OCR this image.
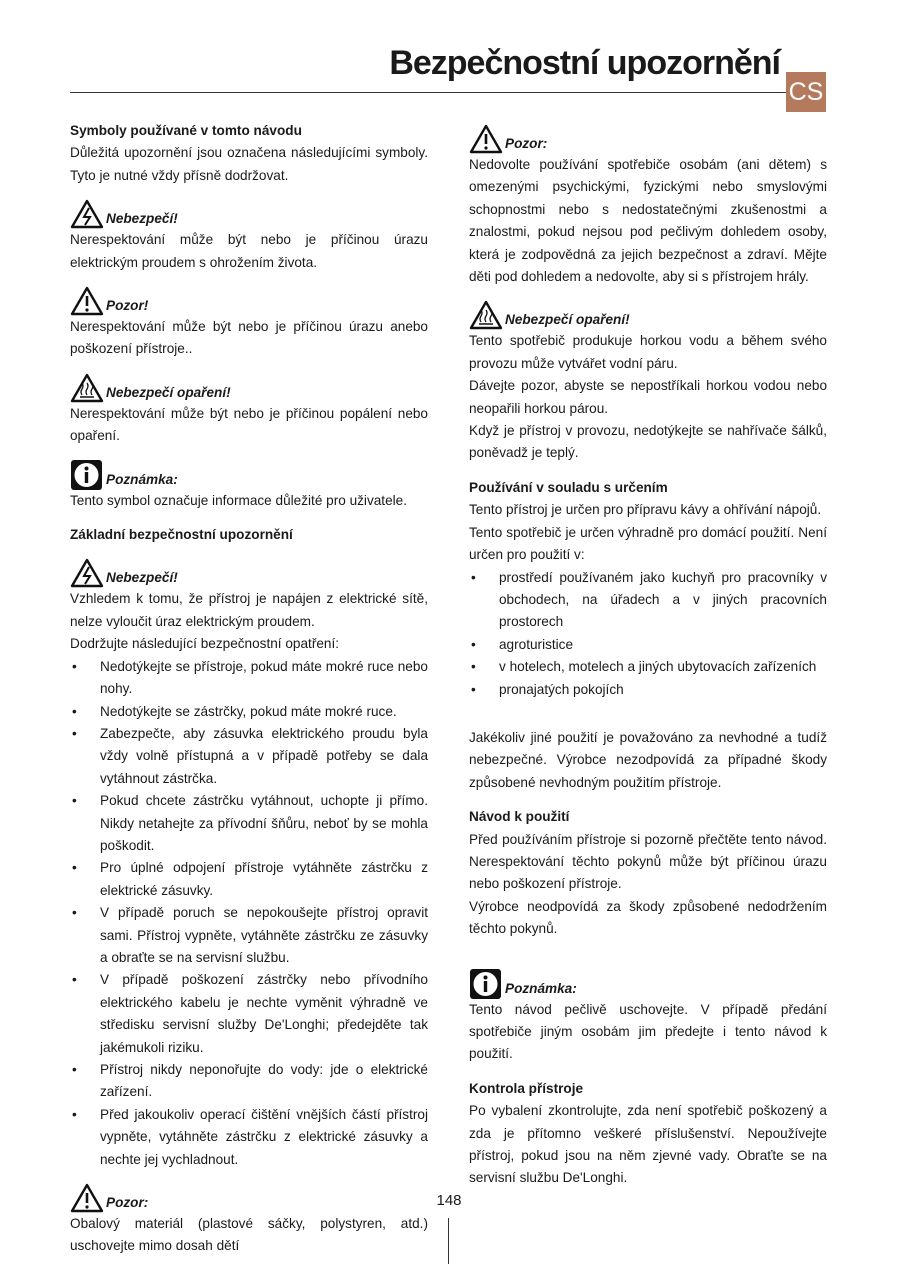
Bezpečnostní upozornění
CS

Symboly používané v tomto návodu

Důležitá upozornění jsou označena následujícími symboly. Tyto je nutné vždy přísně dodržovat.

Nebezpečí!

Nerespektování může být nebo je příčinou úrazu elektrickým proudem s ohrožením života.

Pozor!

Nerespektování může být nebo je příčinou úrazu anebo poškození přístroje..

Nebezpečí opaření!

Nerespektování může být nebo je příčinou popálení nebo opaření.

Poznámka:

Tento symbol označuje informace důležité pro uživatele.

Základní bezpečnostní upozornění

Nebezpečí!

Vzhledem k tomu, že přístroj je napájen z elektrické sítě, nelze vyloučit úraz elektrickým proudem.

Dodržujte následující bezpečnostní opatření:

• Nedotýkejte se přístroje, pokud máte mokré ruce nebo nohy.
• Nedotýkejte se zástrčky, pokud máte mokré ruce.
• Zabezpečte, aby zásuvka elektrického proudu byla vždy volně přístupná a v případě potřeby se dala vytáhnout zástrčka.
• Pokud chcete zástrčku vytáhnout, uchopte ji přímo. Nikdy netahejte za přívodní šňůru, neboť by se mohla poškodit.
• Pro úplné odpojení přístroje vytáhněte zástrčku z elektrické zásuvky.
• V případě poruch se nepokoušejte přístroj opravit sami. Přístroj vypněte, vytáhněte zástrčku ze zásuvky a obraťte se na servisní službu.
• V případě poškození zástrčky nebo přívodního elektrického kabelu je nechte vyměnit výhradně ve středisku servisní služby De'Longhi; předejděte tak jakémukoli riziku.
• Přístroj nikdy neponořujte do vody: jde o elektrické zařízení.
• Před jakoukoliv operací čištění vnějších částí přístroj vypněte, vytáhněte zástrčku z elektrické zásuvky a nechte jej vychladnout.
Pozor:

Obalový materiál (plastové sáčky, polystyren, atd.) uschovejte mimo dosah dětí

Pozor:

Nedovolte používání spotřebiče osobám (ani dětem) s omezenými psychickými, fyzickými nebo smyslovými schopnostmi nebo s nedostatečnými zkušenostmi a znalostmi, pokud nejsou pod pečlivým dohledem osoby, která je zodpovědná za jejich bezpečnost a zdraví. Mějte děti pod dohledem a nedovolte, aby si s přístrojem hrály.

Nebezpečí opaření!

Tento spotřebič produkuje horkou vodu a během svého provozu může vytvářet vodní páru.

Dávejte pozor, abyste se nepostříkali horkou vodou nebo neopařili horkou párou.

Když je přístroj v provozu, nedotýkejte se nahřívače šálků, poněvadž je teplý.

Používání v souladu s určením

Tento přístroj je určen pro přípravu kávy a ohřívání nápojů.

Tento spotřebič je určen výhradně pro domácí použití. Není určen pro použití v:

• prostředí používaném jako kuchyň pro pracovníky v obchodech, na úřadech a v jiných pracovních prostorech
• agroturistice
• v hotelech, motelech a jiných ubytovacích zařízeních
• pronajatých pokojích

Jakékoliv jiné použití je považováno za nevhodné a tudíž nebezpečné. Výrobce nezodpovídá za případné škody způsobené nevhodným použitím přístroje.

Návod k použití

Před používáním přístroje si pozorně přečtěte tento návod. Nerespektování těchto pokynů může být příčinou úrazu nebo poškození přístroje.

Výrobce neodpovídá za škody způsobené nedodržením těchto pokynů.

Poznámka:

Tento návod pečlivě uschovejte. V případě předání spotřebiče jiným osobám jim předejte i tento návod k použití.

Kontrola přístroje

Po vybalení zkontrolujte, zda není spotřebič poškozený a zda je přítomno veškeré příslušenství. Nepoužívejte přístroj, pokud jsou na něm zjevné vady. Obraťte se na servisní službu De'Longhi.

148
